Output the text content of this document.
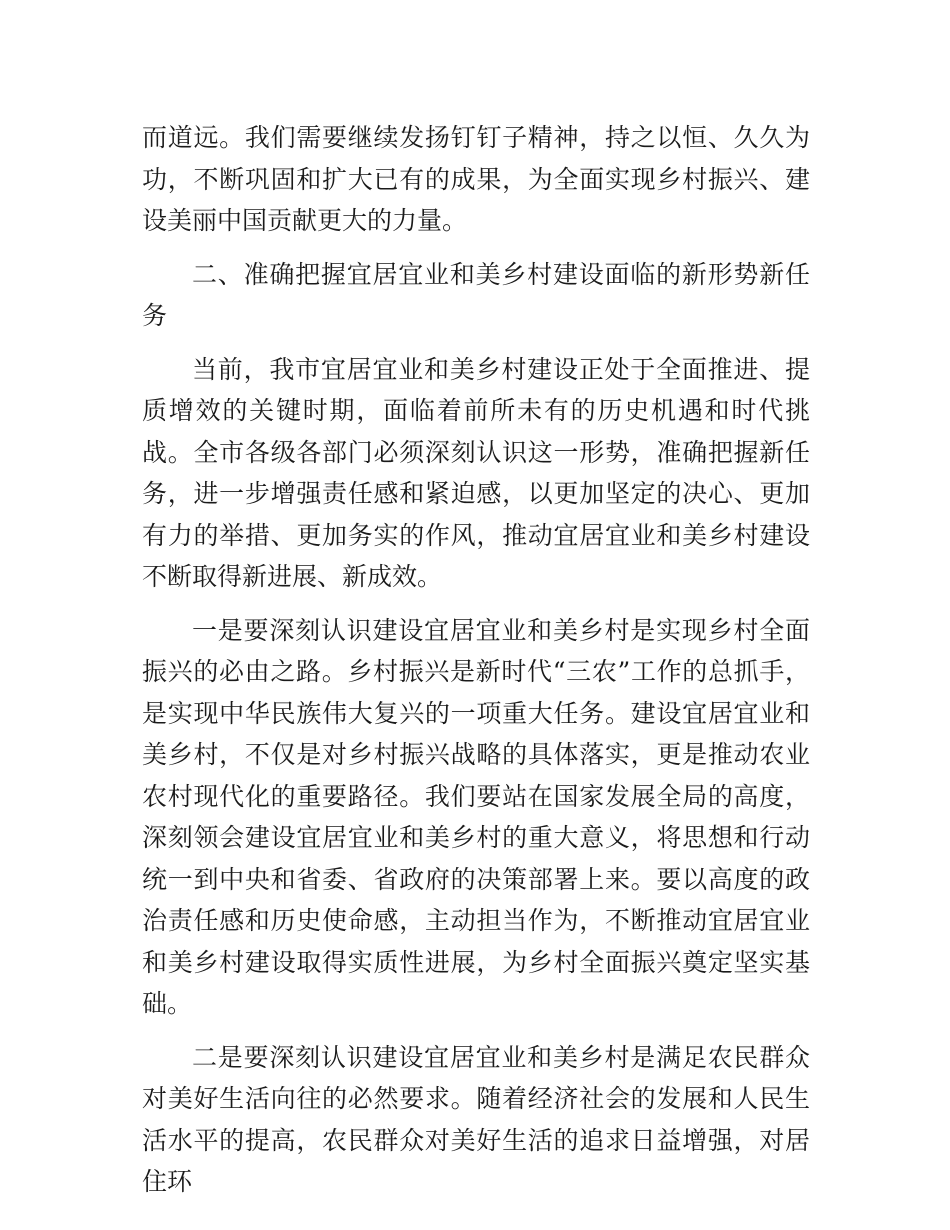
而道远。我们需要继续发扬钉钉子精神，持之以恒、久久为功，不断巩固和扩大已有的成果，为全面实现乡村振兴、建设美丽中国贡献更大的力量。

二、准确把握宜居宜业和美乡村建设面临的新形势新任务

当前，我市宜居宜业和美乡村建设正处于全面推进、提质增效的关键时期，面临着前所未有的历史机遇和时代挑战。全市各级各部门必须深刻认识这一形势，准确把握新任务，进一步增强责任感和紧迫感，以更加坚定的决心、更加有力的举措、更加务实的作风，推动宜居宜业和美乡村建设不断取得新进展、新成效。

一是要深刻认识建设宜居宜业和美乡村是实现乡村全面振兴的必由之路。乡村振兴是新时代“三农”工作的总抓手，是实现中华民族伟大复兴的一项重大任务。建设宜居宜业和美乡村，不仅是对乡村振兴战略的具体落实，更是推动农业农村现代化的重要路径。我们要站在国家发展全局的高度，深刻领会建设宜居宜业和美乡村的重大意义，将思想和行动统一到中央和省委、省政府的决策部署上来。要以高度的政治责任感和历史使命感，主动担当作为，不断推动宜居宜业和美乡村建设取得实质性进展，为乡村全面振兴奠定坚实基础。

二是要深刻认识建设宜居宜业和美乡村是满足农民群众对美好生活向往的必然要求。随着经济社会的发展和人民生活水平的提高，农民群众对美好生活的追求日益增强，对居住环
